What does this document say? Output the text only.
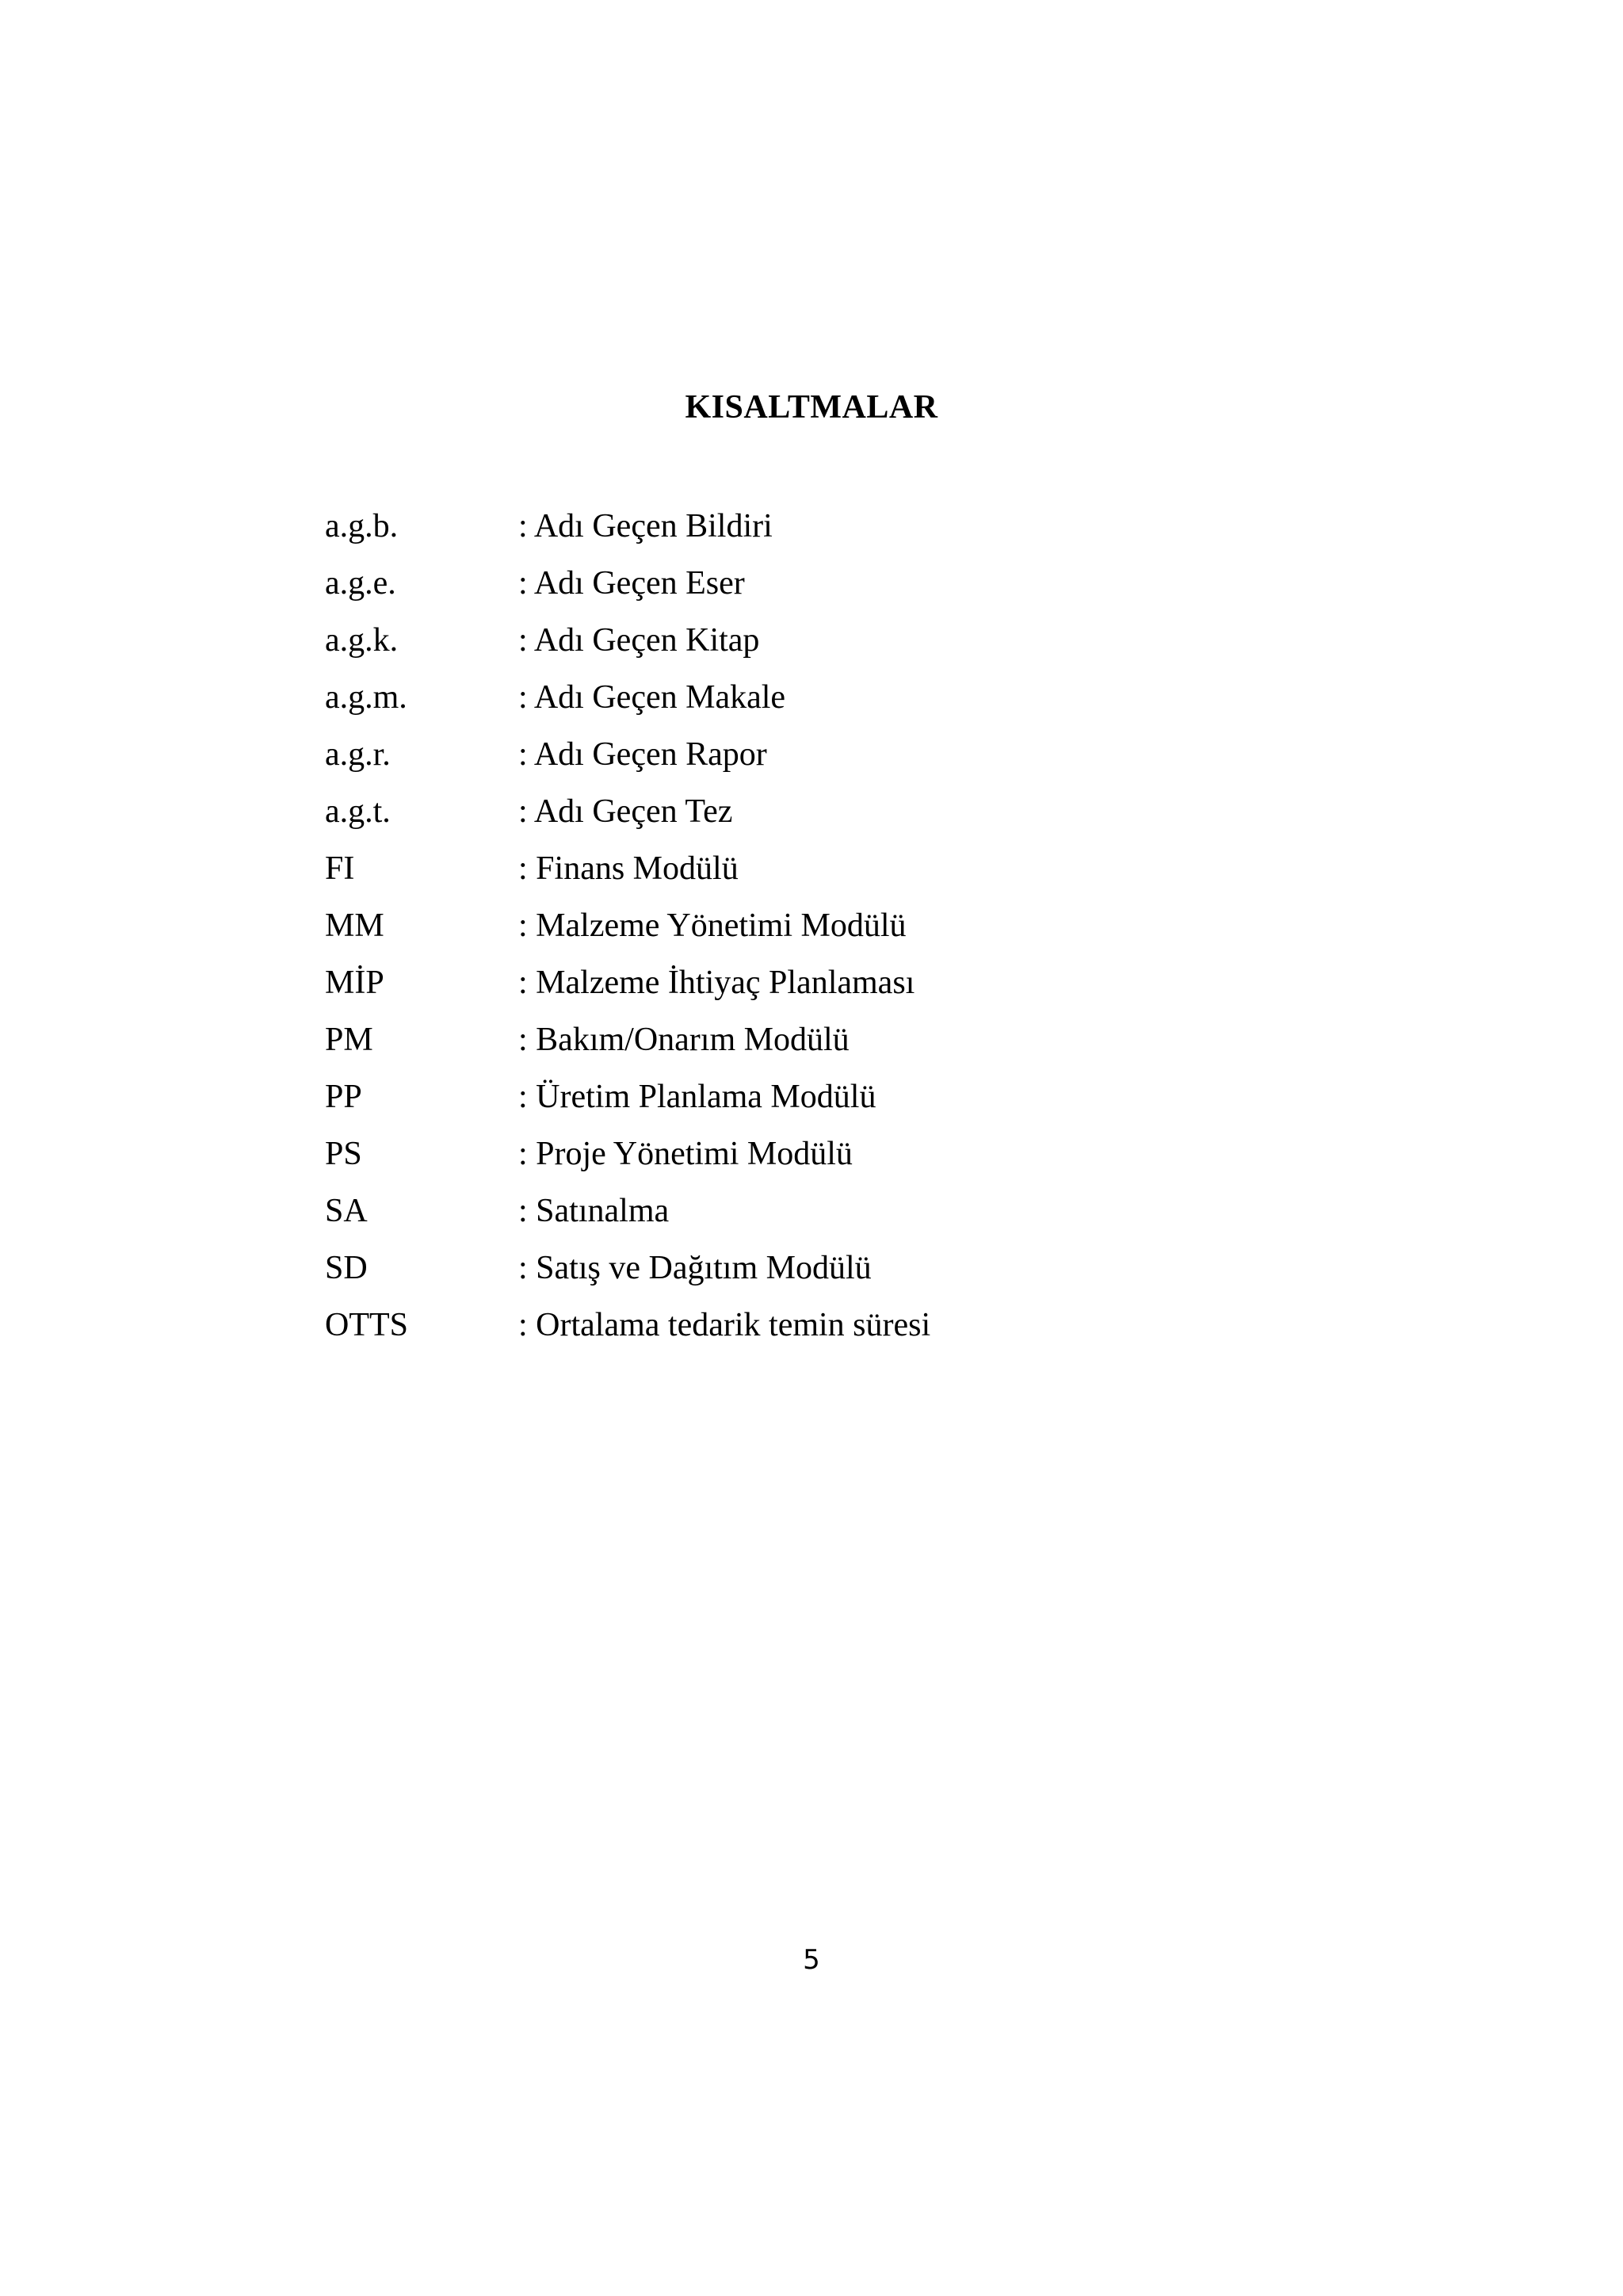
KISALTMALAR
a.g.b.	: Adı Geçen Bildiri
a.g.e.	: Adı Geçen Eser
a.g.k.	: Adı Geçen Kitap
a.g.m.	: Adı Geçen Makale
a.g.r.	: Adı Geçen Rapor
a.g.t.	: Adı Geçen Tez
FI	: Finans Modülü
MM	: Malzeme Yönetimi Modülü
MİP	: Malzeme İhtiyaç Planlaması
PM	: Bakım/Onarım Modülü
PP	: Üretim Planlama Modülü
PS	: Proje Yönetimi Modülü
SA	: Satınalma
SD	: Satış ve Dağıtım Modülü
OTTS	: Ortalama tedarik temin süresi
5
